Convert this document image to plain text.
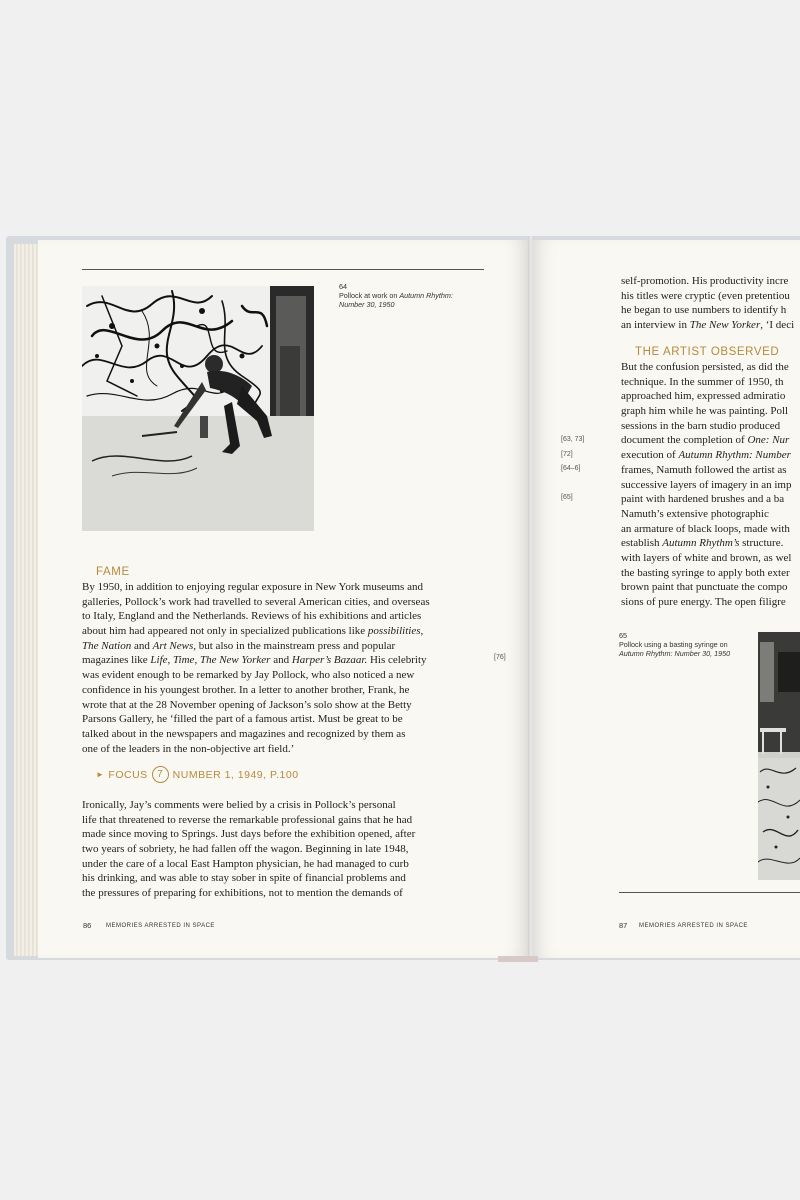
64
Pollock at work on Autumn Rhythm:
Number 30, 1950
FAME
By 1950, in addition to enjoying regular exposure in New York museums and
galleries, Pollock’s work had travelled to several American cities, and overseas
to Italy, England and the Netherlands. Reviews of his exhibitions and articles
about him had appeared not only in specialized publications like possibilities,
The Nation and Art News, but also in the mainstream press and popular
magazines like Life, Time, The New Yorker and Harper’s Bazaar. His celebrity
was evident enough to be remarked by Jay Pollock, who also noticed a new
confidence in his youngest brother. In a letter to another brother, Frank, he
wrote that at the 28 November opening of Jackson’s solo show at the Betty
Parsons Gallery, he ‘filled the part of a famous artist. Must be great to be
talked about in the newspapers and magazines and recognized by them as
one of the leaders in the non-objective art field.’
[76]
► FOCUS 7 NUMBER 1, 1949, P.100
Ironically, Jay’s comments were belied by a crisis in Pollock’s personal
life that threatened to reverse the remarkable professional gains that he had
made since moving to Springs. Just days before the exhibition opened, after
two years of sobriety, he had fallen off the wagon. Beginning in late 1948,
under the care of a local East Hampton physician, he had managed to curb
his drinking, and was able to stay sober in spite of financial problems and
the pressures of preparing for exhibitions, not to mention the demands of
86 MEMORIES ARRESTED IN SPACE
self-promotion. His productivity incre
his titles were cryptic (even pretentiou
he began to use numbers to identify h
an interview in The New Yorker, ‘I deci
THE ARTIST OBSERVED
But the confusion persisted, as did the
technique. In the summer of 1950, th
approached him, expressed admiratio
graph him while he was painting. Poll
sessions in the barn studio produced
document the completion of One: Nur
execution of Autumn Rhythm: Number
frames, Namuth followed the artist as
successive layers of imagery in an imp
paint with hardened brushes and a ba
Namuth’s extensive photographic
an armature of black loops, made with
establish Autumn Rhythm’s structure.
with layers of white and brown, as wel
the basting syringe to apply both exter
brown paint that punctuate the compo
sions of pure energy. The open filigre
[63, 73]
[72]
[64–6]
[65]
65
Pollock using a basting syringe on
Autumn Rhythm: Number 30, 1950
87 MEMORIES ARRESTED IN SPACE
